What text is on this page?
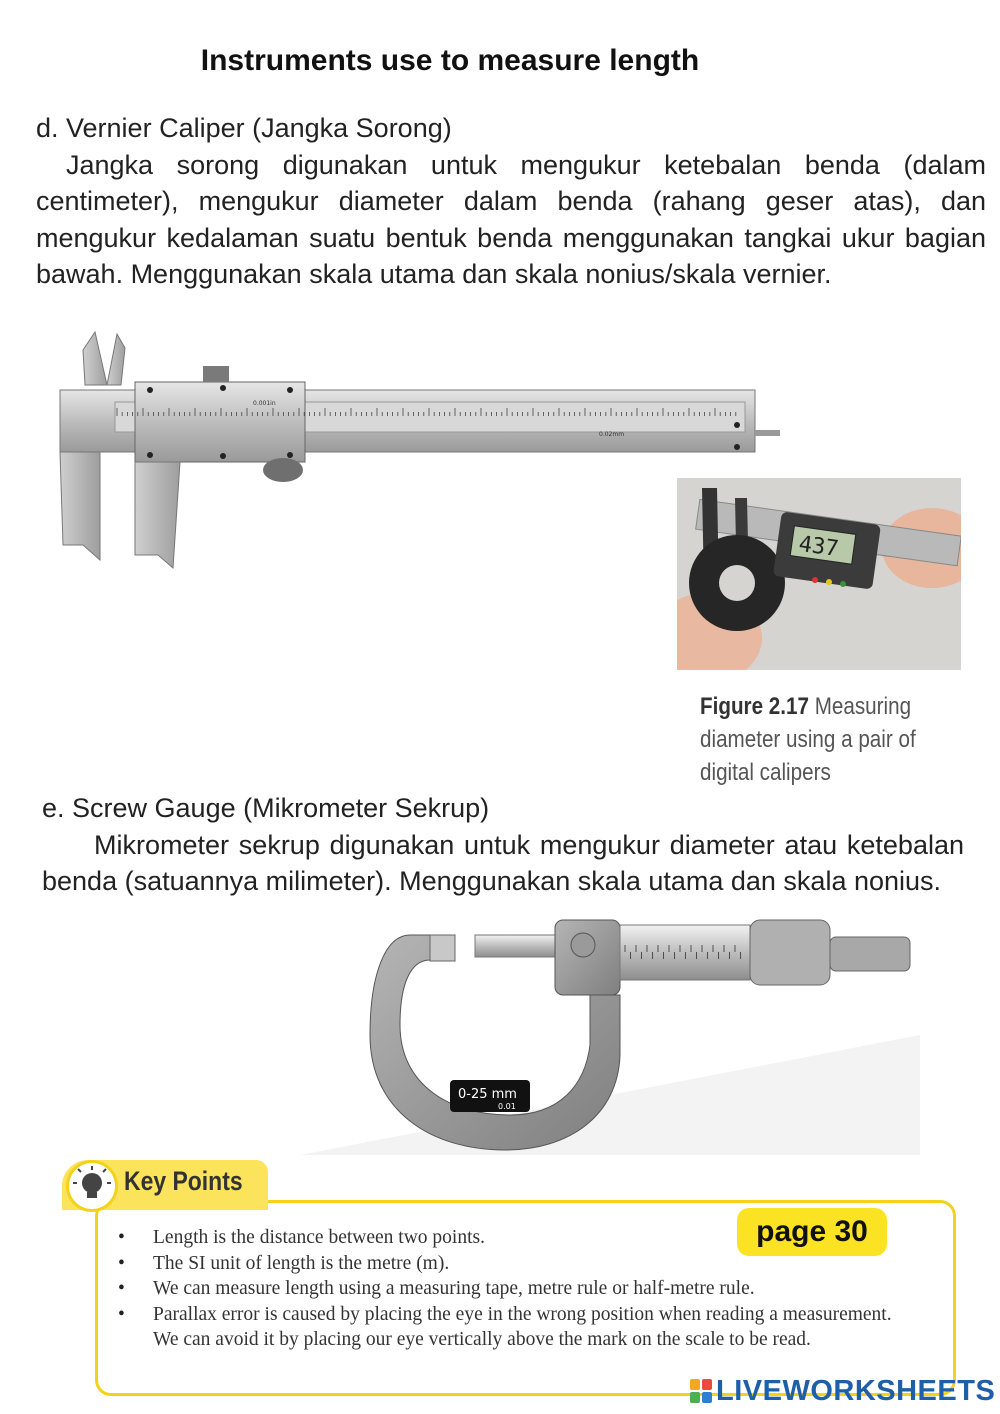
Instruments use to measure length
d. Vernier Caliper (Jangka Sorong)
Jangka sorong digunakan untuk mengukur ketebalan benda (dalam centimeter), mengukur diameter dalam benda (rahang geser atas), dan mengukur kedalaman suatu bentuk benda menggunakan tangkai ukur bagian bawah. Menggunakan skala utama dan skala nonius/skala vernier.
0.001in
0.02mm
437
Figure 2.17 Measuring diameter using a pair of digital calipers
e. Screw Gauge (Mikrometer Sekrup)
Mikrometer sekrup digunakan untuk mengukur diameter atau ketebalan benda (satuannya milimeter). Menggunakan skala utama dan skala nonius.
0-25 mm
0.01
Key Points
• Length is the distance between two points.
• The SI unit of length is the metre (m).
• We can measure length using a measuring tape, metre rule or half-metre rule.
• Parallax error is caused by placing the eye in the wrong position when reading a measurement. We can avoid it by placing our eye vertically above the mark on the scale to be read.
page 30
LIVEWORKSHEETS
